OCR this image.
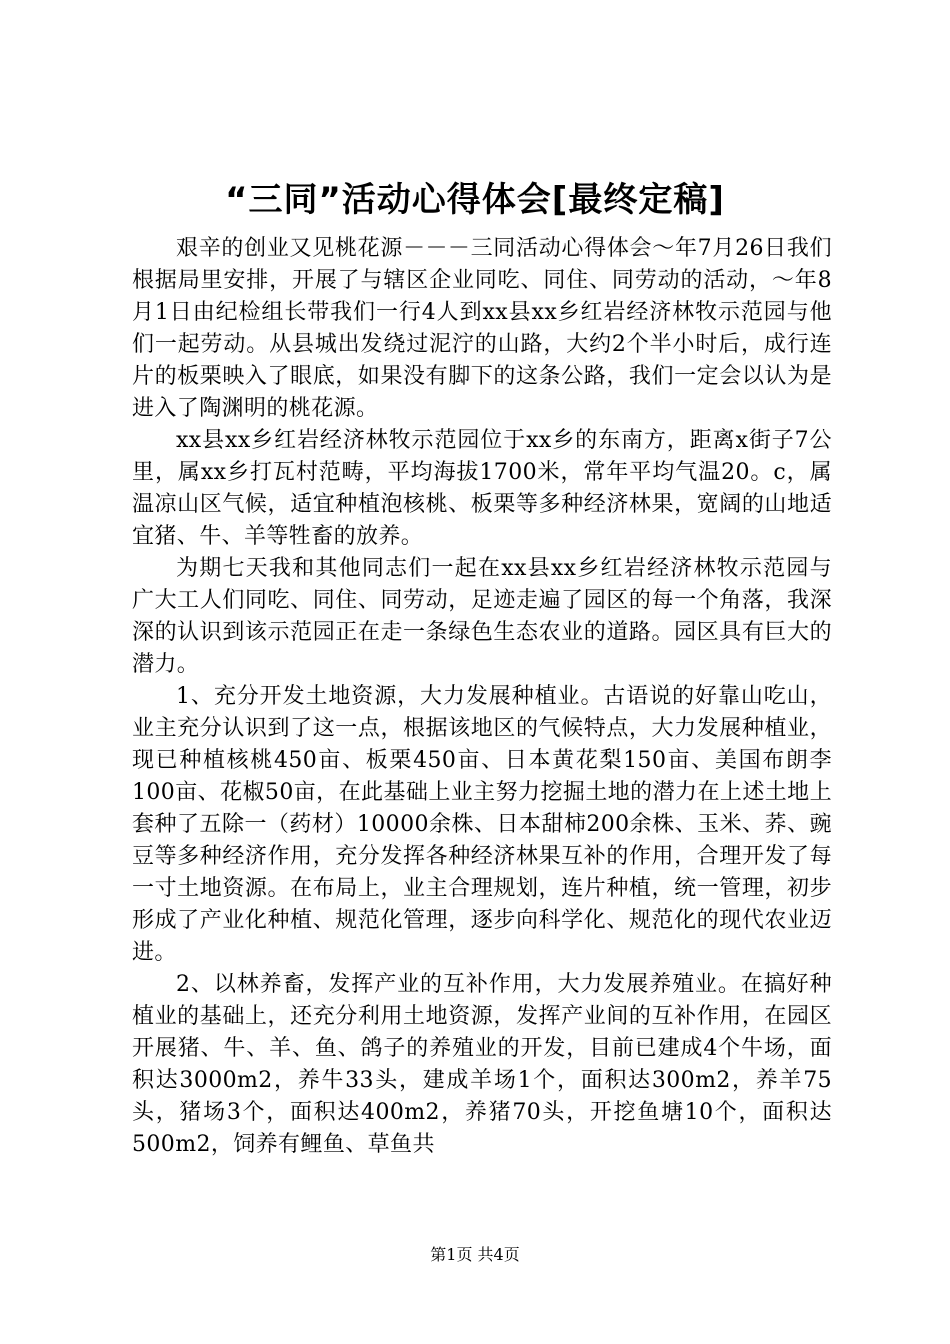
“三同”活动心得体会[最终定稿]

艰辛的创业又见桃花源－－－三同活动心得体会～年7月26日我们根据局里安排，开展了与辖区企业同吃、同住、同劳动的活动，～年8月1日由纪检组长带我们一行4人到xx县xx乡红岩经济林牧示范园与他们一起劳动。从县城出发绕过泥泞的山路，大约2个半小时后，成行连片的板栗映入了眼底，如果没有脚下的这条公路，我们一定会以认为是进入了陶渊明的桃花源。

xx县xx乡红岩经济林牧示范园位于xx乡的东南方，距离x街子7公里，属xx乡打瓦村范畴，平均海拔1700米，常年平均气温20。c，属温凉山区气候，适宜种植泡核桃、板栗等多种经济林果，宽阔的山地适宜猪、牛、羊等牲畜的放养。

为期七天我和其他同志们一起在xx县xx乡红岩经济林牧示范园与广大工人们同吃、同住、同劳动，足迹走遍了园区的每一个角落，我深深的认识到该示范园正在走一条绿色生态农业的道路。园区具有巨大的潜力。

1、充分开发土地资源，大力发展种植业。古语说的好靠山吃山，业主充分认识到了这一点，根据该地区的气候特点，大力发展种植业，现已种植核桃450亩、板栗450亩、日本黄花梨150亩、美国布朗李100亩、花椒50亩，在此基础上业主努力挖掘土地的潜力在上述土地上套种了五除一（药材）10000余株、日本甜柿200余株、玉米、荞、豌豆等多种经济作用，充分发挥各种经济林果互补的作用，合理开发了每一寸土地资源。在布局上，业主合理规划，连片种植，统一管理，初步形成了产业化种植、规范化管理，逐步向科学化、规范化的现代农业迈进。

2、以林养畜，发挥产业的互补作用，大力发展养殖业。在搞好种植业的基础上，还充分利用土地资源，发挥产业间的互补作用，在园区开展猪、牛、羊、鱼、鸽子的养殖业的开发，目前已建成4个牛场，面积达3000m2，养牛33头，建成羊场1个，面积达300m2，养羊75头，猪场3个，面积达400m2，养猪70头，开挖鱼塘10个，面积达500m2，饲养有鲤鱼、草鱼共

第1页 共4页
